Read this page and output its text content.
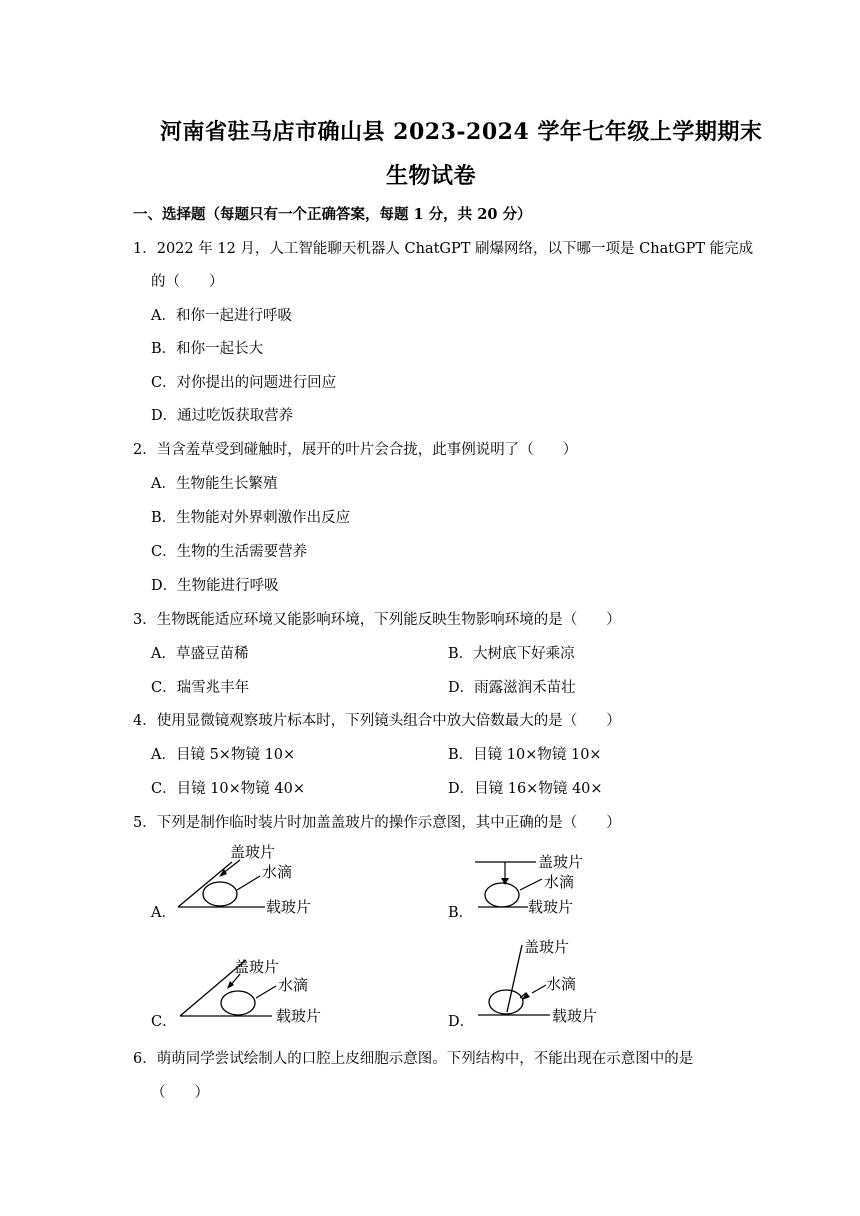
河南省驻马店市确山县 2023-2024 学年七年级上学期期末
生物试卷
一、选择题（每题只有一个正确答案，每题 1 分，共 20 分）
1．2022 年 12 月，人工智能聊天机器人 ChatGPT 刷爆网络，以下哪一项是 ChatGPT 能完成
的（　　）
A．和你一起进行呼吸
B．和你一起长大
C．对你提出的问题进行回应
D．通过吃饭获取营养
2．当含羞草受到碰触时，展开的叶片会合拢，此事例说明了（　　）
A．生物能生长繁殖
B．生物能对外界刺激作出反应
C．生物的生活需要营养
D．生物能进行呼吸
3．生物既能适应环境又能影响环境，下列能反映生物影响环境的是（　　）
A．草盛豆苗稀	B．大树底下好乘凉
C．瑞雪兆丰年	D．雨露滋润禾苗壮
4．使用显微镜观察玻片标本时，下列镜头组合中放大倍数最大的是（　　）
A．目镜 5×物镜 10×	B．目镜 10×物镜 10×
C．目镜 10×物镜 40×	D．目镜 16×物镜 40×
5．下列是制作临时装片时加盖盖玻片的操作示意图，其中正确的是（　　）
A．	B．
C．	D．
盖玻片
水滴
载玻片
盖玻片
水滴
载玻片
盖玻片
水滴
载玻片
盖玻片
水滴
载玻片
6．萌萌同学尝试绘制人的口腔上皮细胞示意图。下列结构中，不能出现在示意图中的是
（　　）
